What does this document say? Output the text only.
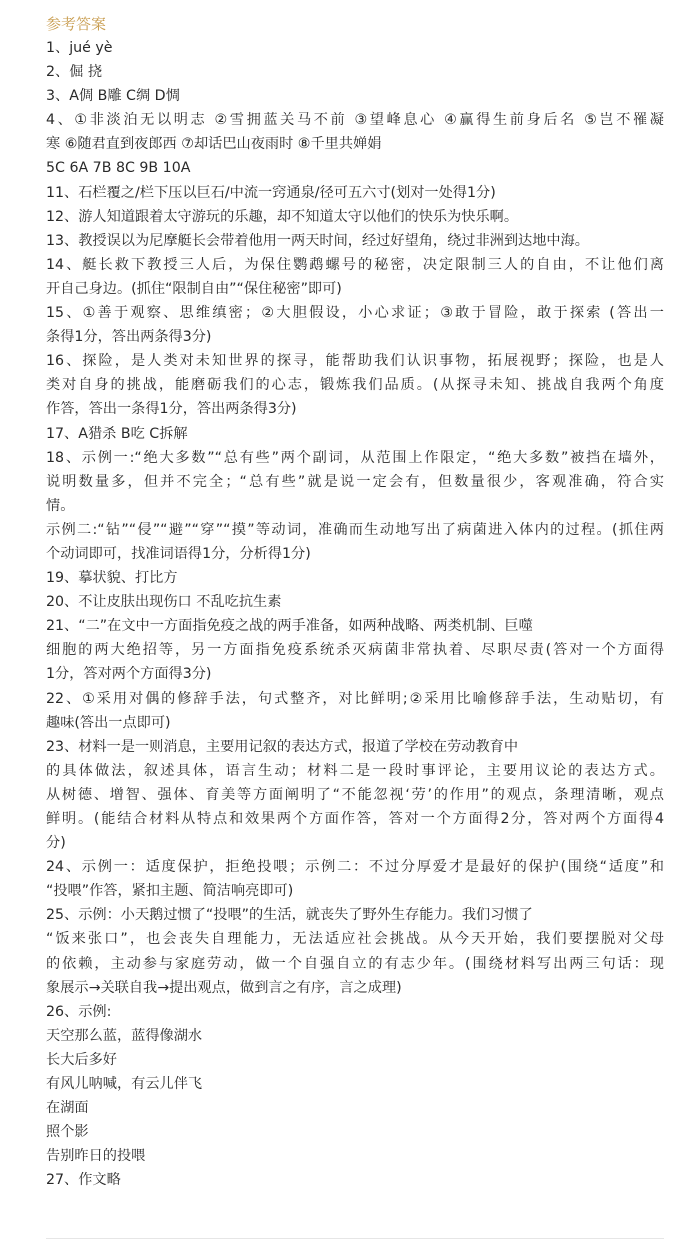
参考答案
1、jué yè
2、倔 挠
3、A倜 B雕 C绸 D惆
4、①非淡泊无以明志 ②雪拥蓝关马不前 ③望峰息心 ④赢得生前身后名 ⑤岂不罹凝
寒 ⑥随君直到夜郎西 ⑦却话巴山夜雨时 ⑧千里共婵娟
5C 6A 7B 8C 9B 10A
11、石栏覆之/栏下压以巨石/中流一窍通泉/径可五六寸(划对一处得1分)
12、游人知道跟着太守游玩的乐趣，却不知道太守以他们的快乐为快乐啊。
13、教授误以为尼摩艇长会带着他用一两天时间，经过好望角，绕过非洲到达地中海。
14、艇长救下教授三人后，为保住鹦鹉螺号的秘密，决定限制三人的自由，不让他们离
开自己身边。(抓住“限制自由”“保住秘密”即可)
15、①善于观察、思维缜密；②大胆假设，小心求证；③敢于冒险，敢于探索 (答出一
条得1分，答出两条得3分)
16、探险，是人类对未知世界的探寻，能帮助我们认识事物，拓展视野；探险，也是人
类对自身的挑战，能磨砺我们的心志，锻炼我们品质。(从探寻未知、挑战自我两个角度
作答，答出一条得1分，答出两条得3分)
17、A猎杀 B吃 C拆解
18、示例一:“绝大多数”“总有些”两个副词，从范围上作限定，“绝大多数”被挡在墙外，
说明数量多，但并不完全；“总有些”就是说一定会有，但数量很少，客观准确，符合实
情。
示例二:“钻”“侵”“避”“穿”“摸”等动词，准确而生动地写出了病菌进入体内的过程。(抓住两
个动词即可，找准词语得1分，分析得1分)
19、摹状貌、打比方
20、不让皮肤出现伤口 不乱吃抗生素
21、“二”在文中一方面指免疫之战的两手准备，如两种战略、两类机制、巨噬
细胞的两大绝招等，另一方面指免疫系统杀灭病菌非常执着、尽职尽责(答对一个方面得
1分，答对两个方面得3分)
22、①采用对偶的修辞手法，句式整齐，对比鲜明;②采用比喻修辞手法，生动贴切，有
趣味(答出一点即可)
23、材料一是一则消息，主要用记叙的表达方式，报道了学校在劳动教育中
的具体做法，叙述具体，语言生动；材料二是一段时事评论，主要用议论的表达方式。
从树德、增智、强体、育美等方面阐明了“不能忽视‘劳’的作用”的观点，条理清晰，观点
鲜明。(能结合材料从特点和效果两个方面作答，答对一个方面得2分，答对两个方面得4
分)
24、示例一：适度保护，拒绝投喂；示例二：不过分厚爱才是最好的保护(围绕“适度”和
“投喂”作答，紧扣主题、简洁响亮即可)
25、示例：小天鹅过惯了“投喂”的生活，就丧失了野外生存能力。我们习惯了
“饭来张口”，也会丧失自理能力，无法适应社会挑战。从今天开始，我们要摆脱对父母
的依赖，主动参与家庭劳动，做一个自强自立的有志少年。(围绕材料写出两三句话：现
象展示→关联自我→提出观点，做到言之有序，言之成理)
26、示例:
天空那么蓝，蓝得像湖水
长大后多好
有风儿呐喊，有云儿伴飞
在湖面
照个影
告别昨日的投喂
27、作文略
